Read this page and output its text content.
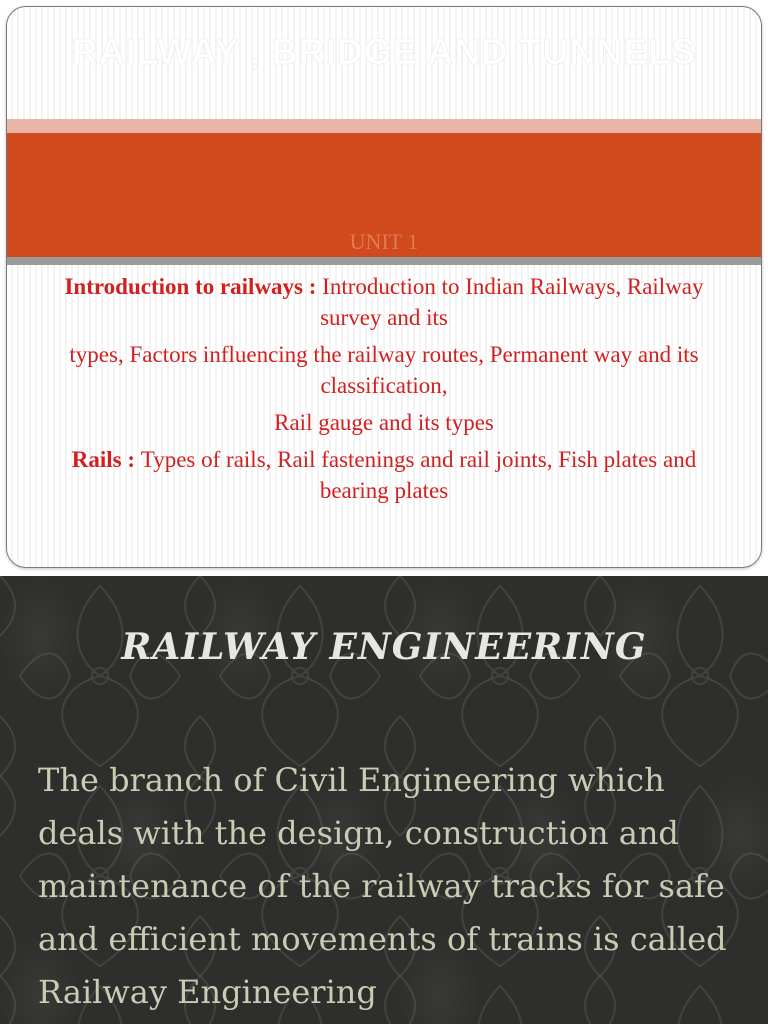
RAILWAY , BRIDGE AND TUNNELS

UNIT 1

Introduction to railways : Introduction to Indian Railways, Railway survey and its

types, Factors influencing the railway routes, Permanent way and its classification,

Rail gauge and its types

Rails : Types of rails, Rail fastenings and rail joints, Fish plates and bearing plates

RAILWAY ENGINEERING

The branch of Civil Engineering which deals with the design, construction and maintenance of the railway tracks for safe and efficient movements of trains is called Railway Engineering
